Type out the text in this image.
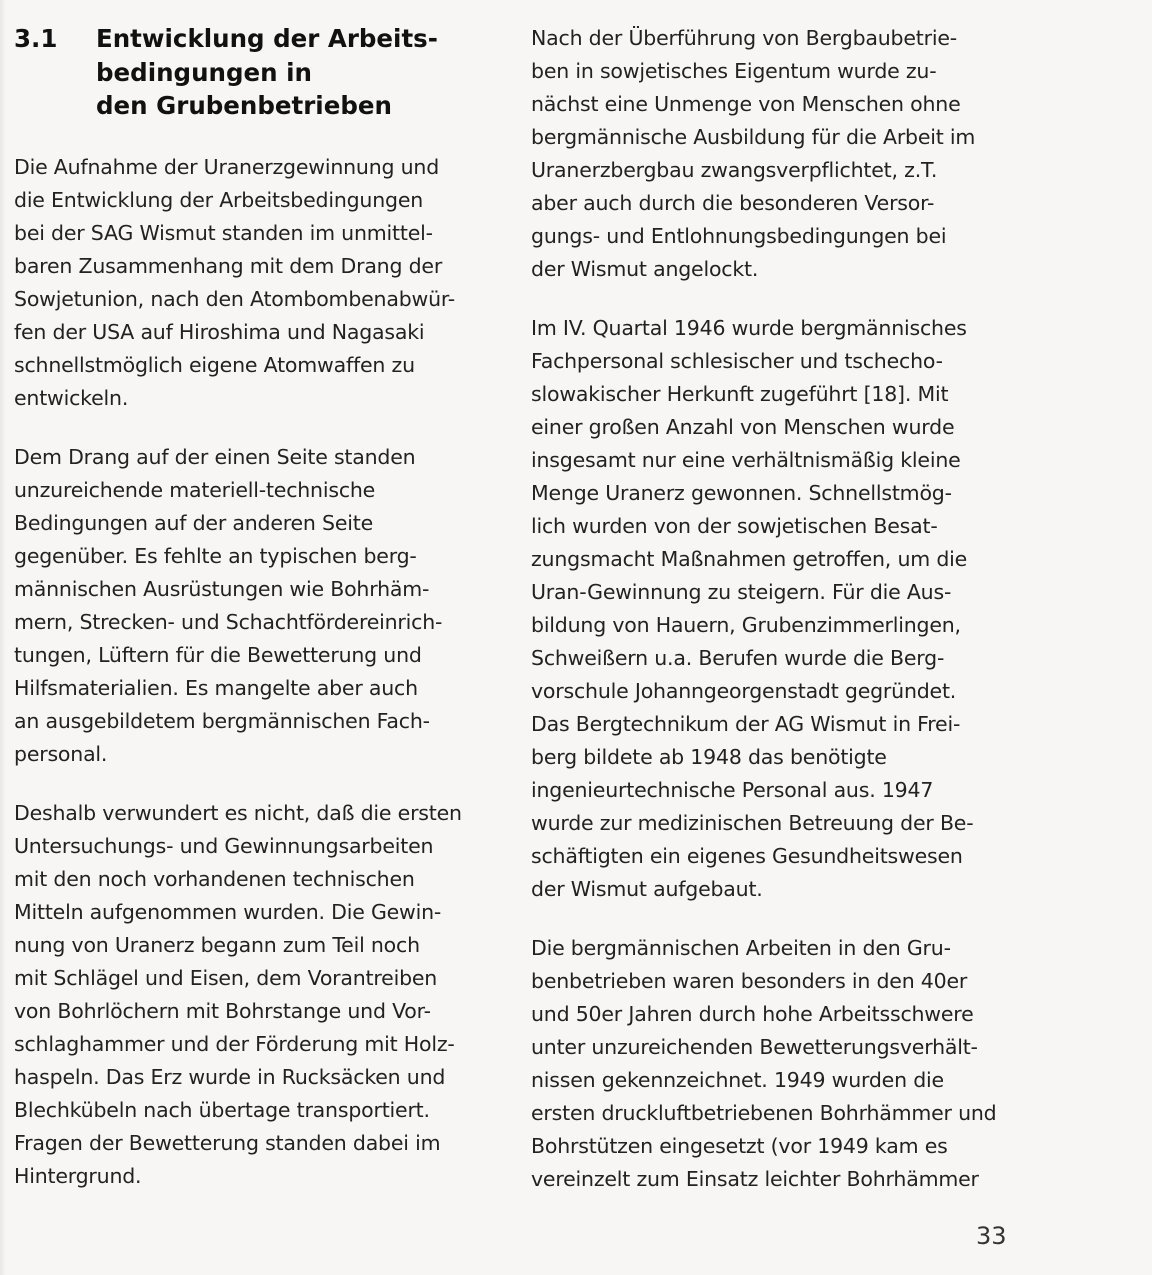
3.1	Entwicklung der Arbeits-
bedingungen in
den Grubenbetrieben

Die Aufnahme der Uranerzgewinnung und
die Entwicklung der Arbeitsbedingungen
bei der SAG Wismut standen im unmittel-
baren Zusammenhang mit dem Drang der
Sowjetunion, nach den Atombombenabwür-
fen der USA auf Hiroshima und Nagasaki
schnellstmöglich eigene Atomwaffen zu
entwickeln.

Dem Drang auf der einen Seite standen
unzureichende materiell-technische
Bedingungen auf der anderen Seite
gegenüber. Es fehlte an typischen berg-
männischen Ausrüstungen wie Bohrhäm-
mern, Strecken- und Schachtfördereinrich-
tungen, Lüftern für die Bewetterung und
Hilfsmaterialien. Es mangelte aber auch
an ausgebildetem bergmännischen Fach-
personal.

Deshalb verwundert es nicht, daß die ersten
Untersuchungs- und Gewinnungsarbeiten
mit den noch vorhandenen technischen
Mitteln aufgenommen wurden. Die Gewin-
nung von Uranerz begann zum Teil noch
mit Schlägel und Eisen, dem Vorantreiben
von Bohrlöchern mit Bohrstange und Vor-
schlaghammer und der Förderung mit Holz-
haspeln. Das Erz wurde in Rucksäcken und
Blechkübeln nach übertage transportiert.
Fragen der Bewetterung standen dabei im
Hintergrund.

Nach der Überführung von Bergbaubetrie-
ben in sowjetisches Eigentum wurde zu-
nächst eine Unmenge von Menschen ohne
bergmännische Ausbildung für die Arbeit im
Uranerzbergbau zwangsverpflichtet, z.T.
aber auch durch die besonderen Versor-
gungs- und Entlohnungsbedingungen bei
der Wismut angelockt.

Im IV. Quartal 1946 wurde bergmännisches
Fachpersonal schlesischer und tschecho-
slowakischer Herkunft zugeführt [18]. Mit
einer großen Anzahl von Menschen wurde
insgesamt nur eine verhältnismäßig kleine
Menge Uranerz gewonnen. Schnellstmög-
lich wurden von der sowjetischen Besat-
zungsmacht Maßnahmen getroffen, um die
Uran-Gewinnung zu steigern. Für die Aus-
bildung von Hauern, Grubenzimmerlingen,
Schweißern u.a. Berufen wurde die Berg-
vorschule Johanngeorgenstadt gegründet.
Das Bergtechnikum der AG Wismut in Frei-
berg bildete ab 1948 das benötigte
ingenieurtechnische Personal aus. 1947
wurde zur medizinischen Betreuung der Be-
schäftigten ein eigenes Gesundheitswesen
der Wismut aufgebaut.

Die bergmännischen Arbeiten in den Gru-
benbetrieben waren besonders in den 40er
und 50er Jahren durch hohe Arbeitsschwere
unter unzureichenden Bewetterungsverhält-
nissen gekennzeichnet. 1949 wurden die
ersten druckluftbetriebenen Bohrhämmer und
Bohrstützen eingesetzt (vor 1949 kam es
vereinzelt zum Einsatz leichter Bohrhämmer

33
